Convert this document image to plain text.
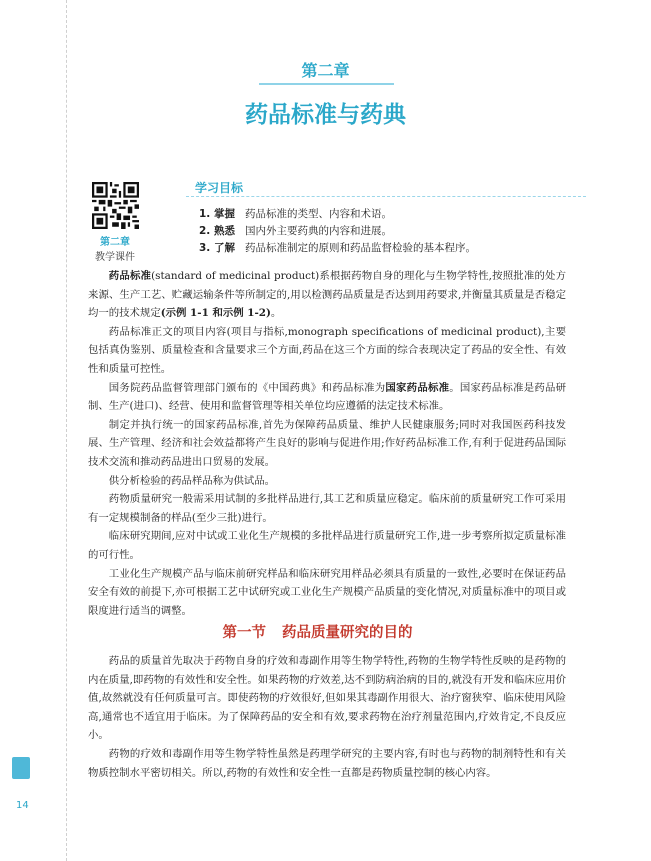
第二章
药品标准与药典
第二章
教学课件
学习目标
1. 掌握 药品标准的类型、内容和术语。
2. 熟悉 国内外主要药典的内容和进展。
3. 了解 药品标准制定的原则和药品监督检验的基本程序。

药品标准(standard of medicinal product)系根据药物自身的理化与生物学特性,按照批准的处方来源、生产工艺、贮藏运输条件等所制定的,用以检测药品质量是否达到用药要求,并衡量其质量是否稳定均一的技术规定(示例 1-1 和示例 1-2)。

药品标准正文的项目内容(项目与指标,monograph specifications of medicinal product),主要包括真伪鉴别、质量检查和含量要求三个方面,药品在这三个方面的综合表现决定了药品的安全性、有效性和质量可控性。

国务院药品监督管理部门颁布的《中国药典》和药品标准为国家药品标准。国家药品标准是药品研制、生产(进口)、经营、使用和监督管理等相关单位均应遵循的法定技术标准。

制定并执行统一的国家药品标准,首先为保障药品质量、维护人民健康服务;同时对我国医药科技发展、生产管理、经济和社会效益都将产生良好的影响与促进作用;作好药品标准工作,有利于促进药品国际技术交流和推动药品进出口贸易的发展。

供分析检验的药品样品称为供试品。

药物质量研究一般需采用试制的多批样品进行,其工艺和质量应稳定。临床前的质量研究工作可采用有一定规模制备的样品(至少三批)进行。

临床研究期间,应对中试或工业化生产规模的多批样品进行质量研究工作,进一步考察所拟定质量标准的可行性。

工业化生产规模产品与临床前研究样品和临床研究用样品必须具有质量的一致性,必要时在保证药品安全有效的前提下,亦可根据工艺中试研究或工业化生产规模产品质量的变化情况,对质量标准中的项目或限度进行适当的调整。

第一节 药品质量研究的目的

药品的质量首先取决于药物自身的疗效和毒副作用等生物学特性,药物的生物学特性反映的是药物的内在质量,即药物的有效性和安全性。如果药物的疗效差,达不到防病治病的目的,就没有开发和临床应用价值,故然就没有任何质量可言。即使药物的疗效很好,但如果其毒副作用很大、治疗窗狭窄、临床使用风险高,通常也不适宜用于临床。为了保障药品的安全和有效,要求药物在治疗剂量范围内,疗效肯定,不良反应小。

药物的疗效和毒副作用等生物学特性虽然是药理学研究的主要内容,有时也与药物的制剂特性和有关物质控制水平密切相关。所以,药物的有效性和安全性一直都是药物质量控制的核心内容。

14
